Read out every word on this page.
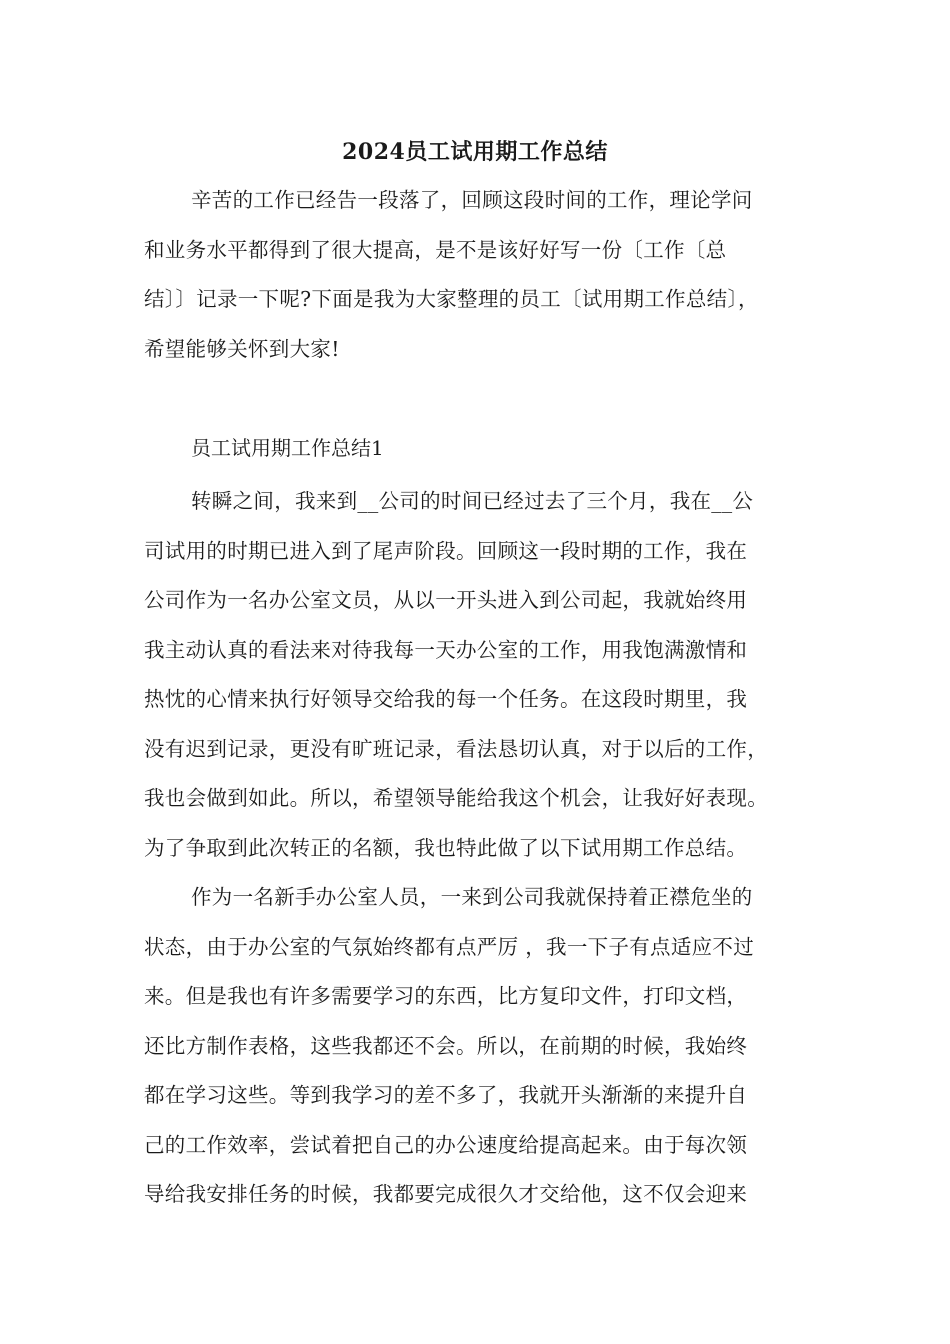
2024员工试用期工作总结
辛苦的工作已经告一段落了，回顾这段时间的工作，理论学问
和业务水平都得到了很大提高，是不是该好好写一份〔工作〔总
结〕〕记录一下呢?下面是我为大家整理的员工〔试用期工作总结〕，
希望能够关怀到大家!
员工试用期工作总结1
转瞬之间，我来到__公司的时间已经过去了三个月，我在__公
司试用的时期已进入到了尾声阶段。回顾这一段时期的工作，我在
公司作为一名办公室文员，从以一开头进入到公司起，我就始终用
我主动认真的看法来对待我每一天办公室的工作，用我饱满激情和
热忱的心情来执行好领导交给我的每一个任务。在这段时期里，我
没有迟到记录，更没有旷班记录，看法恳切认真，对于以后的工作，
我也会做到如此。所以，希望领导能给我这个机会，让我好好表现。
为了争取到此次转正的名额，我也特此做了以下试用期工作总结。
作为一名新手办公室人员，一来到公司我就保持着正襟危坐的
状态，由于办公室的气氛始终都有点严厉 ，我一下子有点适应不过
来。但是我也有许多需要学习的东西，比方复印文件，打印文档，
还比方制作表格，这些我都还不会。所以，在前期的时候，我始终
都在学习这些。等到我学习的差不多了，我就开头渐渐的来提升自
己的工作效率，尝试着把自己的办公速度给提高起来。由于每次领
导给我安排任务的时候，我都要完成很久才交给他，这不仅会迎来
